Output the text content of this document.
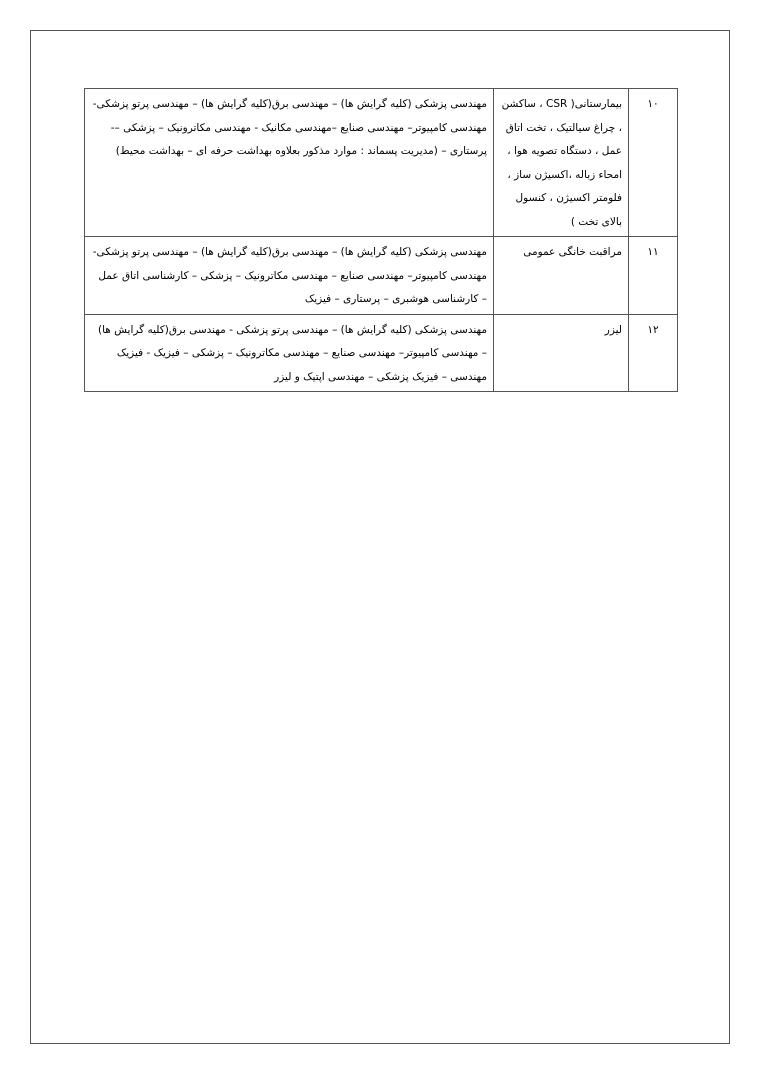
۱۰	بیمارستانی( CSR ، ساکشن ، چراغ سیالتیک ، تخت اتاق عمل ، دستگاه تصویه هوا ، امحاء زباله ،اکسیژن ساز ، فلومتر اکسیژن ، کنسول بالای تخت )	مهندسی پزشکی (کلیه گرایش ها) – مهندسی برق(کلیه گرایش ها) – مهندسی پرتو پزشکی- مهندسی کامپیوتر– مهندسی صنایع –مهندسی مکانیک - مهندسی مکاترونیک – پزشکی –- پرستاری – (مدیریت پسماند : موارد مذکور بعلاوه بهداشت حرفه ای – بهداشت محیط)
۱۱	مراقبت خانگی عمومی	مهندسی پزشکی (کلیه گرایش ها) – مهندسی برق(کلیه گرایش ها) – مهندسی پرتو پزشکی- مهندسی کامپیوتر– مهندسی صنایع – مهندسی مکاترونیک – پزشکی – کارشناسی اتاق عمل – کارشناسی هوشبری – پرستاری – فیزیک
۱۲	لیزر	مهندسی پزشکی (کلیه گرایش ها) – مهندسی پرتو پزشکی - مهندسی برق(کلیه گرایش ها) – مهندسی کامپیوتر– مهندسی صنایع – مهندسی مکاترونیک – پزشکی – فیزیک - فیزیک مهندسی – فیزیک پزشکی – مهندسی اپتیک و لیزر
